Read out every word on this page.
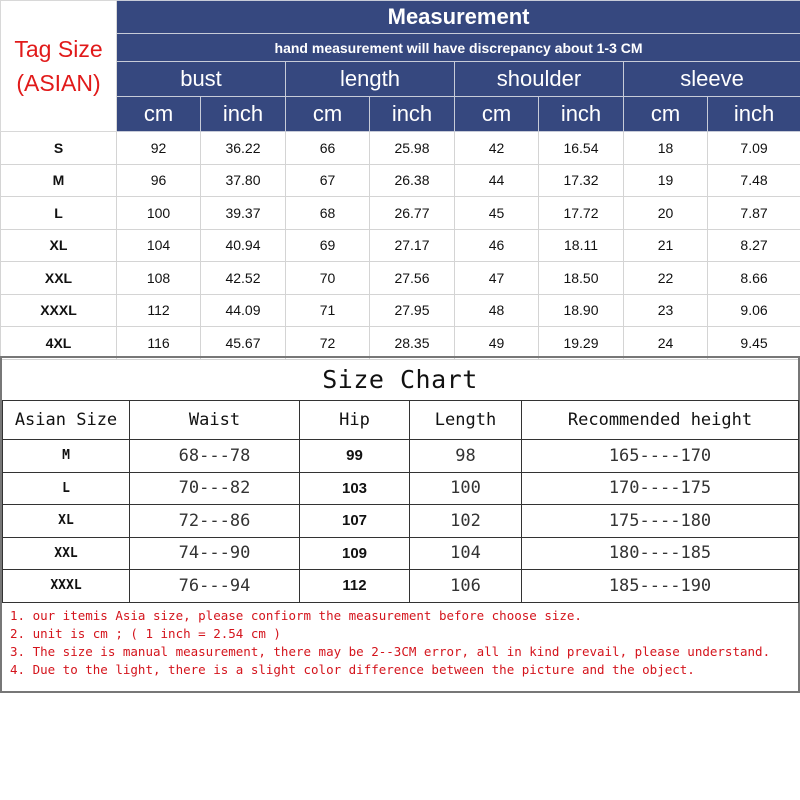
Tag Size
(ASIAN)	Measurement							
	hand measurement will have discrepancy about 1-3 CM							
	bust		length		shoulder		sleeve	
	cm	inch	cm	inch	cm	inch	cm	inch
S	92	36.22	66	25.98	42	16.54	18	7.09
M	96	37.80	67	26.38	44	17.32	19	7.48
L	100	39.37	68	26.77	45	17.72	20	7.87
XL	104	40.94	69	27.17	46	18.11	21	8.27
XXL	108	42.52	70	27.56	47	18.50	22	8.66
XXXL	112	44.09	71	27.95	48	18.90	23	9.06
4XL	116	45.67	72	28.35	49	19.29	24	9.45
Size Chart
Asian Size	Waist	Hip	Length	Recommended height
M	68---78	99	98	165----170
L	70---82	103	100	170----175
XL	72---86	107	102	175----180
XXL	74---90	109	104	180----185
XXXL	76---94	112	106	185----190
1. our itemis Asia size, please confiorm the measurement before choose size.
2. unit is cm ; ( 1 inch = 2.54 cm )
3. The size is manual measurement, there may be 2--3CM error, all in kind prevail, please understand.
4. Due to the light, there is a slight color difference between the picture and the object.
